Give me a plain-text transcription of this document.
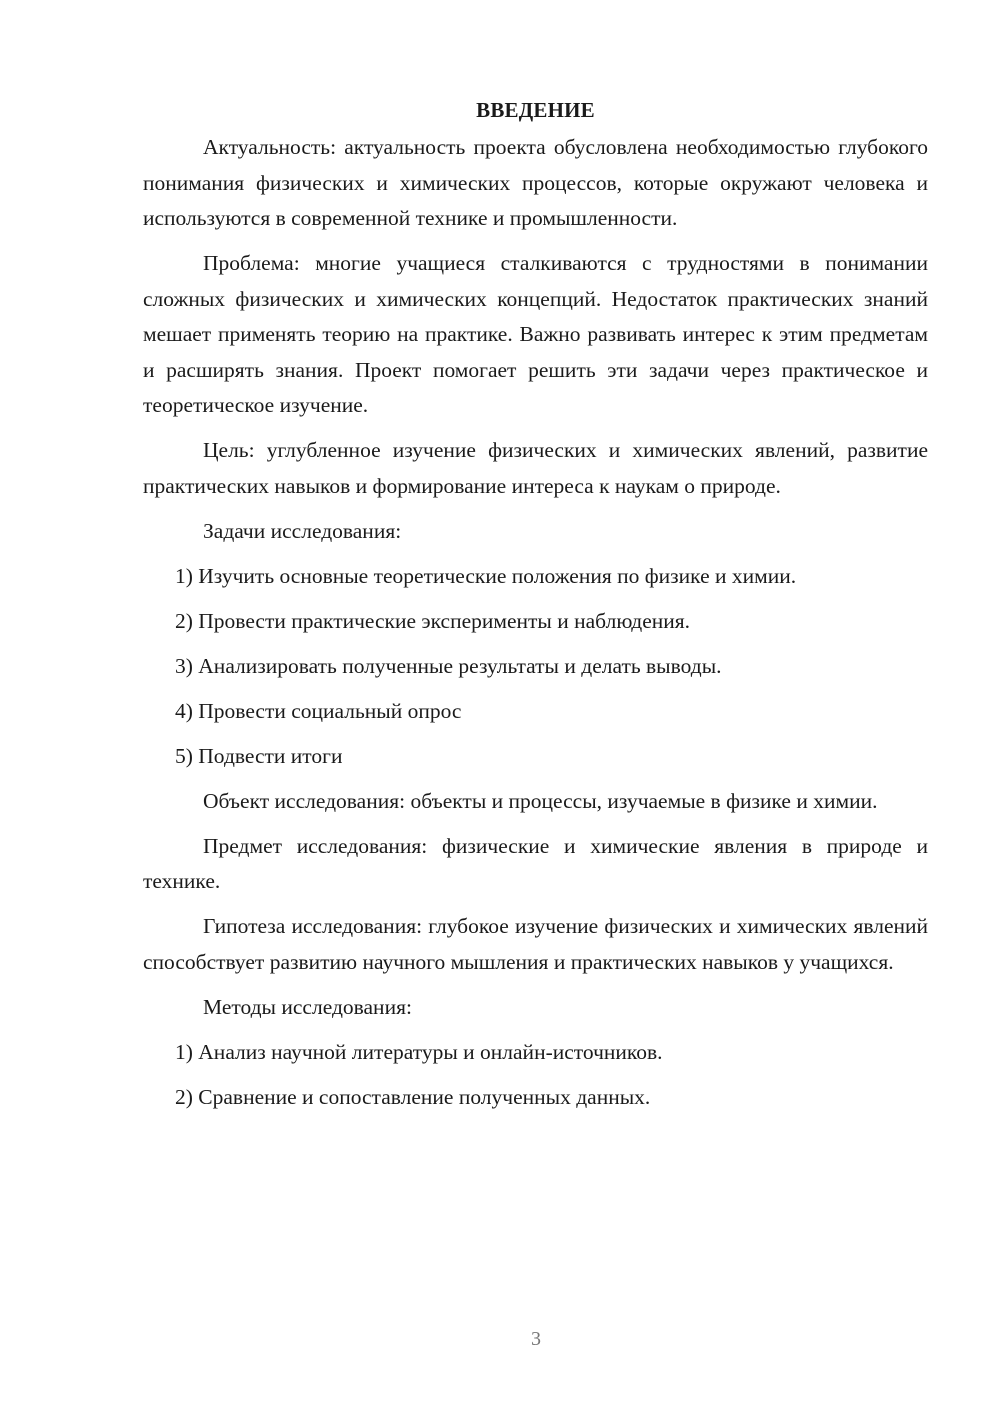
ВВЕДЕНИЕ

Актуальность: актуальность проекта обусловлена необходимостью глубокого понимания физических и химических процессов, которые окружают человека и используются в современной технике и промышленности.

Проблема: многие учащиеся сталкиваются с трудностями в понимании сложных физических и химических концепций. Недостаток практических знаний мешает применять теорию на практике. Важно развивать интерес к этим предметам и расширять знания. Проект помогает решить эти задачи через практическое и теоретическое изучение.

Цель: углубленное изучение физических и химических явлений, развитие практических навыков и формирование интереса к наукам о природе.

Задачи исследования:

1) Изучить основные теоретические положения по физике и химии.
2) Провести практические эксперименты и наблюдения.
3) Анализировать полученные результаты и делать выводы.
4) Провести социальный опрос
5) Подвести итоги

Объект исследования: объекты и процессы, изучаемые в физике и химии.

Предмет исследования: физические и химические явления в природе и технике.

Гипотеза исследования: глубокое изучение физических и химических явлений способствует развитию научного мышления и практических навыков у учащихся.

Методы исследования:

1) Анализ научной литературы и онлайн-источников.
2) Сравнение и сопоставление полученных данных.
3
